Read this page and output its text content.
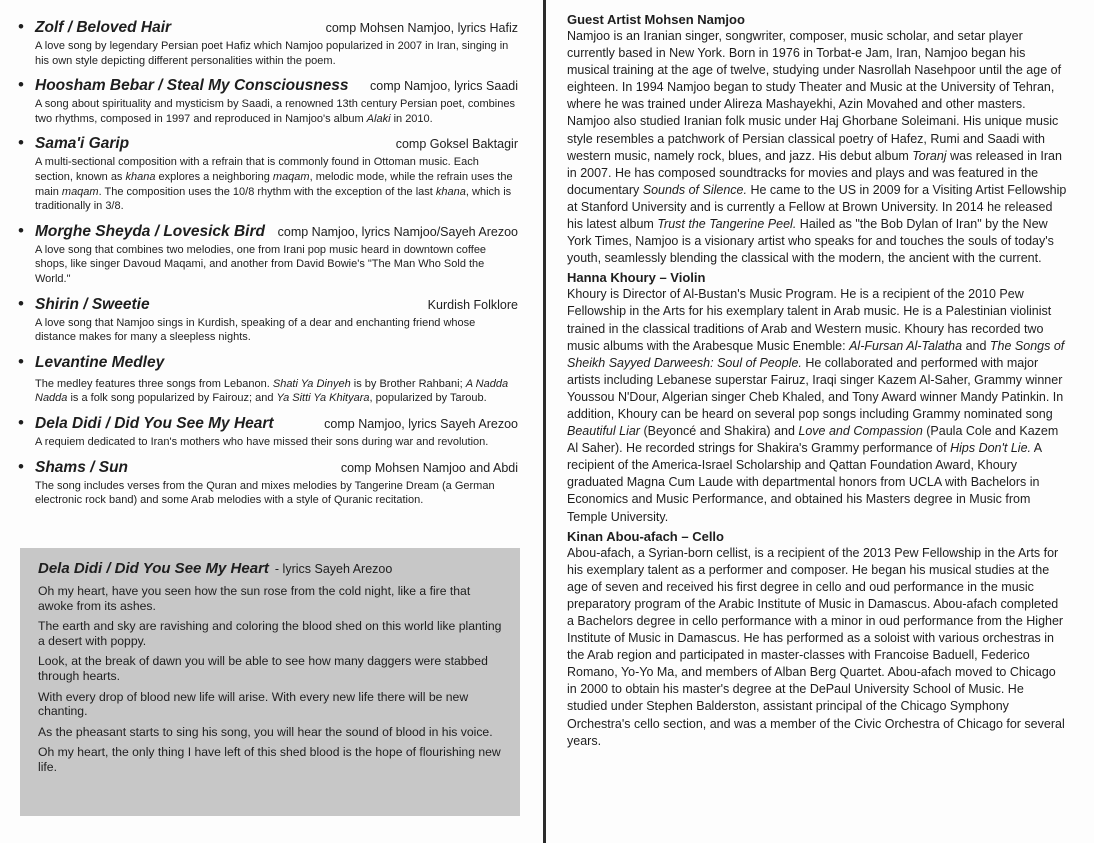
• Zolf / Beloved Hair	comp Mohsen Namjoo, lyrics Hafiz

A love song by legendary Persian poet Hafiz which Namjoo popularized in 2007 in Iran, singing in his own style depicting different personalities within the poem.

• Hoosham Bebar / Steal My Consciousness comp Namjoo, lyrics Saadi

A song about spirituality and mysticism by Saadi, a renowned 13th century Persian poet, combines two rhythms, composed in 1997 and reproduced in Namjoo's album Alaki in 2010.

• Sama'i Garip	comp Goksel Baktagir

A multi-sectional composition with a refrain that is commonly found in Ottoman music. Each section, known as khana explores a neighboring maqam, melodic mode, while the refrain uses the main maqam. The composition uses the 10/8 rhythm with the exception of the last khana, which is traditionally in 3/8.

• Morghe Sheyda / Lovesick Bird comp Namjoo, lyrics Namjoo/Sayeh Arezoo

A love song that combines two melodies, one from Irani pop music heard in downtown coffee shops, like singer Davoud Maqami, and another from David Bowie's "The Man Who Sold the World."

• Shirin / Sweetie	Kurdish Folklore

A love song that Namjoo sings in Kurdish, speaking of a dear and enchanting friend whose distance makes for many a sleepless nights.

• Levantine Medley

The medley features three songs from Lebanon. Shati Ya Dinyeh is by Brother Rahbani; A Nadda Nadda is a folk song popularized by Fairouz; and Ya Sitti Ya Khityara, popularized by Taroub.

• Dela Didi / Did You See My Heart	comp Namjoo, lyrics Sayeh Arezoo

A requiem dedicated to Iran's mothers who have missed their sons during war and revolution.

• Shams / Sun	comp Mohsen Namjoo and Abdi

The song includes verses from the Quran and mixes melodies by Tangerine Dream (a German electronic rock band) and some Arab melodies with a style of Quranic recitation.

Dela Didi / Did You See My Heart - lyrics Sayeh Arezoo

Oh my heart, have you seen how the sun rose from the cold night, like a fire that awoke from its ashes.

The earth and sky are ravishing and coloring the blood shed on this world like planting a desert with poppy.

Look, at the break of dawn you will be able to see how many daggers were stabbed through hearts.

With every drop of blood new life will arise. With every new life there will be new chanting.

As the pheasant starts to sing his song, you will hear the sound of blood in his voice.

Oh my heart, the only thing I have left of this shed blood is the hope of flourishing new life.

Guest Artist Mohsen Namjoo

Namjoo is an Iranian singer, songwriter, composer, music scholar, and setar player currently based in New York. Born in 1976 in Torbat-e Jam, Iran, Namjoo began his musical training at the age of twelve, studying under Nasrollah Nasehpoor until the age of eighteen. In 1994 Namjoo began to study Theater and Music at the University of Tehran, where he was trained under Alireza Mashayekhi, Azin Movahed and other masters. Namjoo also studied Iranian folk music under Haj Ghorbane Soleimani. His unique music style resembles a patchwork of Persian classical poetry of Hafez, Rumi and Saadi with western music, namely rock, blues, and jazz. His debut album Toranj was released in Iran in 2007. He has composed soundtracks for movies and plays and was featured in the documentary Sounds of Silence. He came to the US in 2009 for a Visiting Artist Fellowship at Stanford University and is currently a Fellow at Brown University. In 2014 he released his latest album Trust the Tangerine Peel. Hailed as "the Bob Dylan of Iran" by the New York Times, Namjoo is a visionary artist who speaks for and touches the souls of today's youth, seamlessly blending the classical with the modern, the ancient with the current.

Hanna Khoury – Violin

Khoury is Director of Al-Bustan's Music Program. He is a recipient of the 2010 Pew Fellowship in the Arts for his exemplary talent in Arab music. He is a Palestinian violinist trained in the classical traditions of Arab and Western music. Khoury has recorded two music albums with the Arabesque Music Enemble: Al-Fursan Al-Talatha and The Songs of Sheikh Sayyed Darweesh: Soul of People. He collaborated and performed with major artists including Lebanese superstar Fairuz, Iraqi singer Kazem Al-Saher, Grammy winner Youssou N'Dour, Algerian singer Cheb Khaled, and Tony Award winner Mandy Patinkin. In addition, Khoury can be heard on several pop songs including Grammy nominated song Beautiful Liar (Beyoncé and Shakira) and Love and Compassion (Paula Cole and Kazem Al Saher). He recorded strings for Shakira's Grammy performance of Hips Don't Lie. A recipient of the America-Israel Scholarship and Qattan Foundation Award, Khoury graduated Magna Cum Laude with departmental honors from UCLA with Bachelors in Economics and Music Performance, and obtained his Masters degree in Music from Temple University.

Kinan Abou-afach – Cello

Abou-afach, a Syrian-born cellist, is a recipient of the 2013 Pew Fellowship in the Arts for his exemplary talent as a performer and composer. He began his musical studies at the age of seven and received his first degree in cello and oud performance in the music preparatory program of the Arabic Institute of Music in Damascus. Abou-afach completed a Bachelors degree in cello performance with a minor in oud performance from the Higher Institute of Music in Damascus. He has performed as a soloist with various orchestras in the Arab region and participated in master-classes with Francoise Baduell, Federico Romano, Yo-Yo Ma, and members of Alban Berg Quartet. Abou-afach moved to Chicago in 2000 to obtain his master's degree at the DePaul University School of Music. He studied under Stephen Balderston, assistant principal of the Chicago Symphony Orchestra's cello section, and was a member of the Civic Orchestra of Chicago for several years.
